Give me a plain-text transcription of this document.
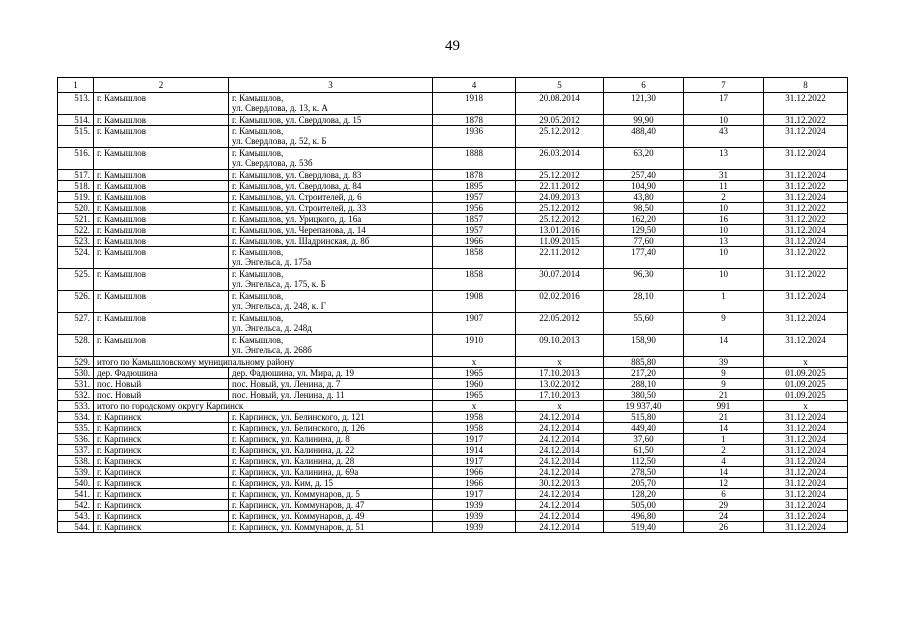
49
1	2	3	4	5	6	7	8
513.	г. Камышлов	г. Камышлов,
ул. Свердлова, д. 13, к. А	1918	20.08.2014	121,30	17	31.12.2022
514.	г. Камышлов	г. Камышлов, ул. Свердлова, д. 15	1878	29.05.2012	99,90	10	31.12.2022
515.	г. Камышлов	г. Камышлов,
ул. Свердлова, д. 52, к. Б	1936	25.12.2012	488,40	43	31.12.2024
516.	г. Камышлов	г. Камышлов,
ул. Свердлова, д. 53б	1888	26.03.2014	63,20	13	31.12.2024
517.	г. Камышлов	г. Камышлов, ул. Свердлова, д. 83	1878	25.12.2012	257,40	31	31.12.2024
518.	г. Камышлов	г. Камышлов, ул. Свердлова, д. 84	1895	22.11.2012	104,90	11	31.12.2022
519.	г. Камышлов	г. Камышлов, ул. Строителей, д. 6	1957	24.09.2013	43,80	2	31.12.2024
520.	г. Камышлов	г. Камышлов, ул. Строителей, д. 33	1956	25.12.2012	98,50	10	31.12.2022
521.	г. Камышлов	г. Камышлов, ул. Урицкого, д. 16а	1857	25.12.2012	162,20	16	31.12.2022
522.	г. Камышлов	г. Камышлов, ул. Черепанова, д. 14	1957	13.01.2016	129,50	10	31.12.2024
523.	г. Камышлов	г. Камышлов, ул. Шадринская, д. 8б	1966	11.09.2015	77,60	13	31.12.2024
524.	г. Камышлов	г. Камышлов,
ул. Энгельса, д. 175а	1858	22.11.2012	177,40	10	31.12.2022
525.	г. Камышлов	г. Камышлов,
ул. Энгельса, д. 175, к. Б	1858	30.07.2014	96,30	10	31.12.2022
526.	г. Камышлов	г. Камышлов,
ул. Энгельса, д. 248, к. Г	1908	02.02.2016	28,10	1	31.12.2024
527.	г. Камышлов	г. Камышлов,
ул. Энгельса, д. 248д	1907	22.05.2012	55,60	9	31.12.2024
528.	г. Камышлов	г. Камышлов,
ул. Энгельса, д. 268б	1910	09.10.2013	158,90	14	31.12.2024
529.	итого по Камышловскому муниципальному району		х	х	885,80	39	х
530.	дер. Фадюшина	дер. Фадюшина, ул. Мира, д. 19	1965	17.10.2013	217,20	9	01.09.2025
531.	пос. Новый	пос. Новый, ул. Ленина, д. 7	1960	13.02.2012	288,10	9	01.09.2025
532.	пос. Новый	пос. Новый, ул. Ленина, д. 11	1965	17.10.2013	380,50	21	01.09.2025
533.	итого по городскому округу Карпинск		х	х	19 937,40	991	х
534.	г. Карпинск	г. Карпинск, ул. Белинского, д. 121	1958	24.12.2014	515,80	21	31.12.2024
535.	г. Карпинск	г. Карпинск, ул. Белинского, д. 126	1958	24.12.2014	449,40	14	31.12.2024
536.	г. Карпинск	г. Карпинск, ул. Калинина, д. 8	1917	24.12.2014	37,60	1	31.12.2024
537.	г. Карпинск	г. Карпинск, ул. Калинина, д. 22	1914	24.12.2014	61,50	2	31.12.2024
538.	г. Карпинск	г. Карпинск, ул. Калинина, д. 28	1917	24.12.2014	112,50	4	31.12.2024
539.	г. Карпинск	г. Карпинск, ул. Калинина, д. 69а	1966	24.12.2014	278,50	14	31.12.2024
540.	г. Карпинск	г. Карпинск, ул. Ким, д. 15	1966	30.12.2013	205,70	12	31.12.2024
541.	г. Карпинск	г. Карпинск, ул. Коммунаров, д. 5	1917	24.12.2014	128,20	6	31.12.2024
542.	г. Карпинск	г. Карпинск, ул. Коммунаров, д. 47	1939	24.12.2014	505,00	29	31.12.2024
543.	г. Карпинск	г. Карпинск, ул. Коммунаров, д. 49	1939	24.12.2014	496,80	24	31.12.2024
544.	г. Карпинск	г. Карпинск, ул. Коммунаров, д. 51	1939	24.12.2014	519,40	26	31.12.2024
